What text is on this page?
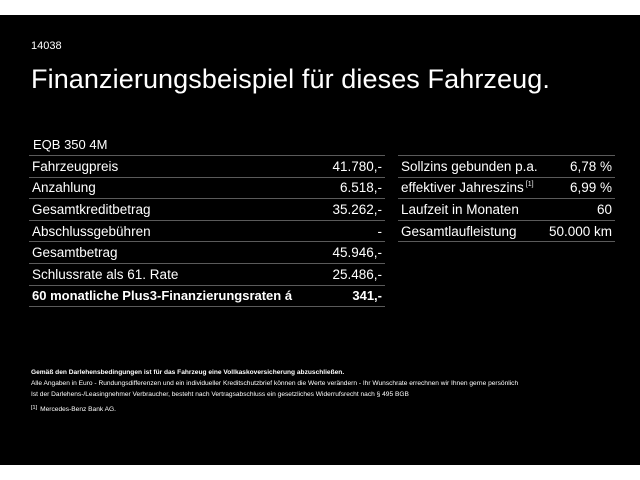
14038
Finanzierungsbeispiel für dieses Fahrzeug.
EQB 350 4M
Fahrzeugpreis	41.780,-
Anzahlung	6.518,-
Gesamtkreditbetrag	35.262,-
Abschlussgebühren	-
Gesamtbetrag	45.946,-
Schlussrate als 61. Rate	25.486,-
60 monatliche Plus3-Finanzierungsraten á	341,-
Sollzins gebunden p.a. 6,78 %
effektiver Jahreszins [1]	6,99 %
Laufzeit in Monaten	60
Gesamtlaufleistung 50.000 km

Gemäß den Darlehensbedingungen ist für das Fahrzeug eine Vollkaskoversicherung abzuschließen.

Alle Angaben in Euro - Rundungsdifferenzen und ein individueller Kreditschutzbrief können die Werte verändern - Ihr Wunschrate errechnen wir Ihnen gerne persönlich

Ist der Darlehens-/Leasingnehmer Verbraucher, besteht nach Vertragsabschluss ein gesetzliches Widerrufsrecht nach § 495 BGB

[1] Mercedes-Benz Bank AG.
